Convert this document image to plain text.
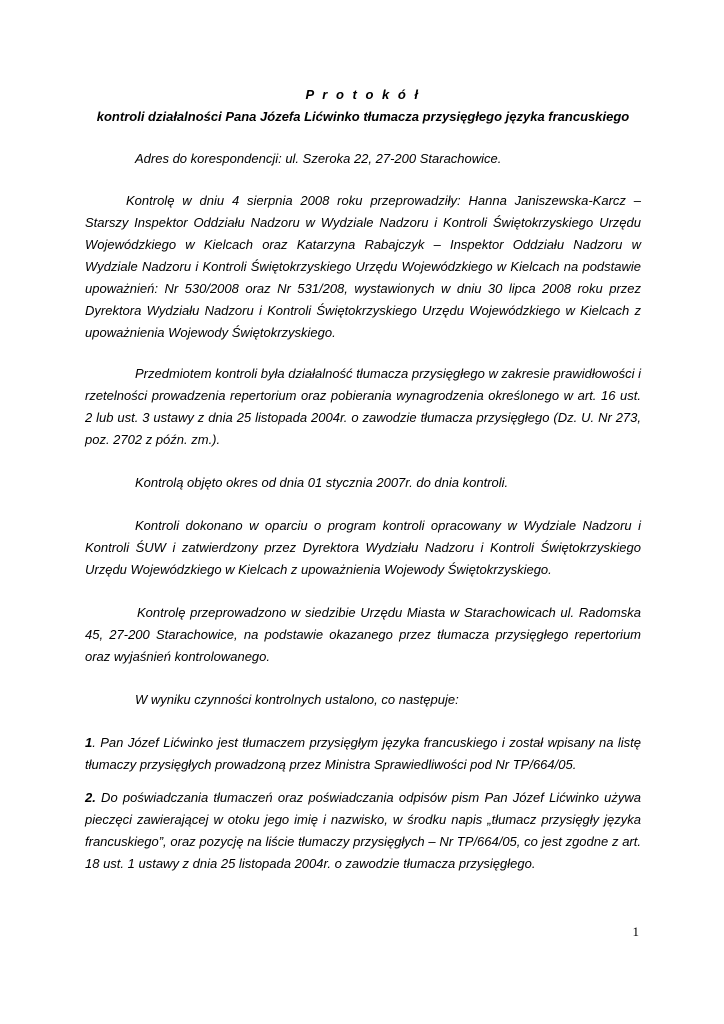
P r o t o k ó ł
kontroli działalności Pana Józefa Lićwinko tłumacza przysięgłego języka francuskiego

Adres do korespondencji: ul. Szeroka 22, 27-200 Starachowice.

Kontrolę w dniu 4 sierpnia 2008 roku przeprowadziły: Hanna Janiszewska-Karcz – Starszy Inspektor Oddziału Nadzoru w Wydziale Nadzoru i Kontroli Świętokrzyskiego Urzędu Wojewódzkiego w Kielcach oraz Katarzyna Rabajczyk – Inspektor Oddziału Nadzoru w Wydziale Nadzoru i Kontroli Świętokrzyskiego Urzędu Wojewódzkiego w Kielcach na podstawie upoważnień: Nr 530/2008 oraz Nr 531/208, wystawionych w dniu 30 lipca 2008 roku przez Dyrektora Wydziału Nadzoru i Kontroli Świętokrzyskiego Urzędu Wojewódzkiego w Kielcach z upoważnienia Wojewody Świętokrzyskiego.

Przedmiotem kontroli była działalność tłumacza przysięgłego w zakresie prawidłowości i rzetelności prowadzenia repertorium oraz pobierania wynagrodzenia określonego w art. 16 ust. 2 lub ust. 3 ustawy z dnia 25 listopada 2004r. o zawodzie tłumacza przysięgłego (Dz. U. Nr 273, poz. 2702 z późn. zm.).

Kontrolą objęto okres od dnia 01 stycznia 2007r. do dnia kontroli.

Kontroli dokonano w oparciu o program kontroli opracowany w Wydziale Nadzoru i Kontroli ŚUW i zatwierdzony przez Dyrektora Wydziału Nadzoru i Kontroli Świętokrzyskiego Urzędu Wojewódzkiego w Kielcach z upoważnienia Wojewody Świętokrzyskiego.

Kontrolę przeprowadzono w siedzibie Urzędu Miasta w Starachowicach ul. Radomska 45, 27-200 Starachowice, na podstawie okazanego przez tłumacza przysięgłego repertorium oraz wyjaśnień kontrolowanego.

W wyniku czynności kontrolnych ustalono, co następuje:

1. Pan Józef Lićwinko jest tłumaczem przysięgłym języka francuskiego i został wpisany na listę tłumaczy przysięgłych prowadzoną przez Ministra Sprawiedliwości pod Nr TP/664/05.

2. Do poświadczania tłumaczeń oraz poświadczania odpisów pism Pan Józef Lićwinko używa pieczęci zawierającej w otoku jego imię i nazwisko, w środku napis „tłumacz przysięgły języka francuskiego”, oraz pozycję na liście tłumaczy przysięgłych – Nr TP/664/05, co jest zgodne z art. 18 ust. 1 ustawy z dnia 25 listopada 2004r. o zawodzie tłumacza przysięgłego.

1
